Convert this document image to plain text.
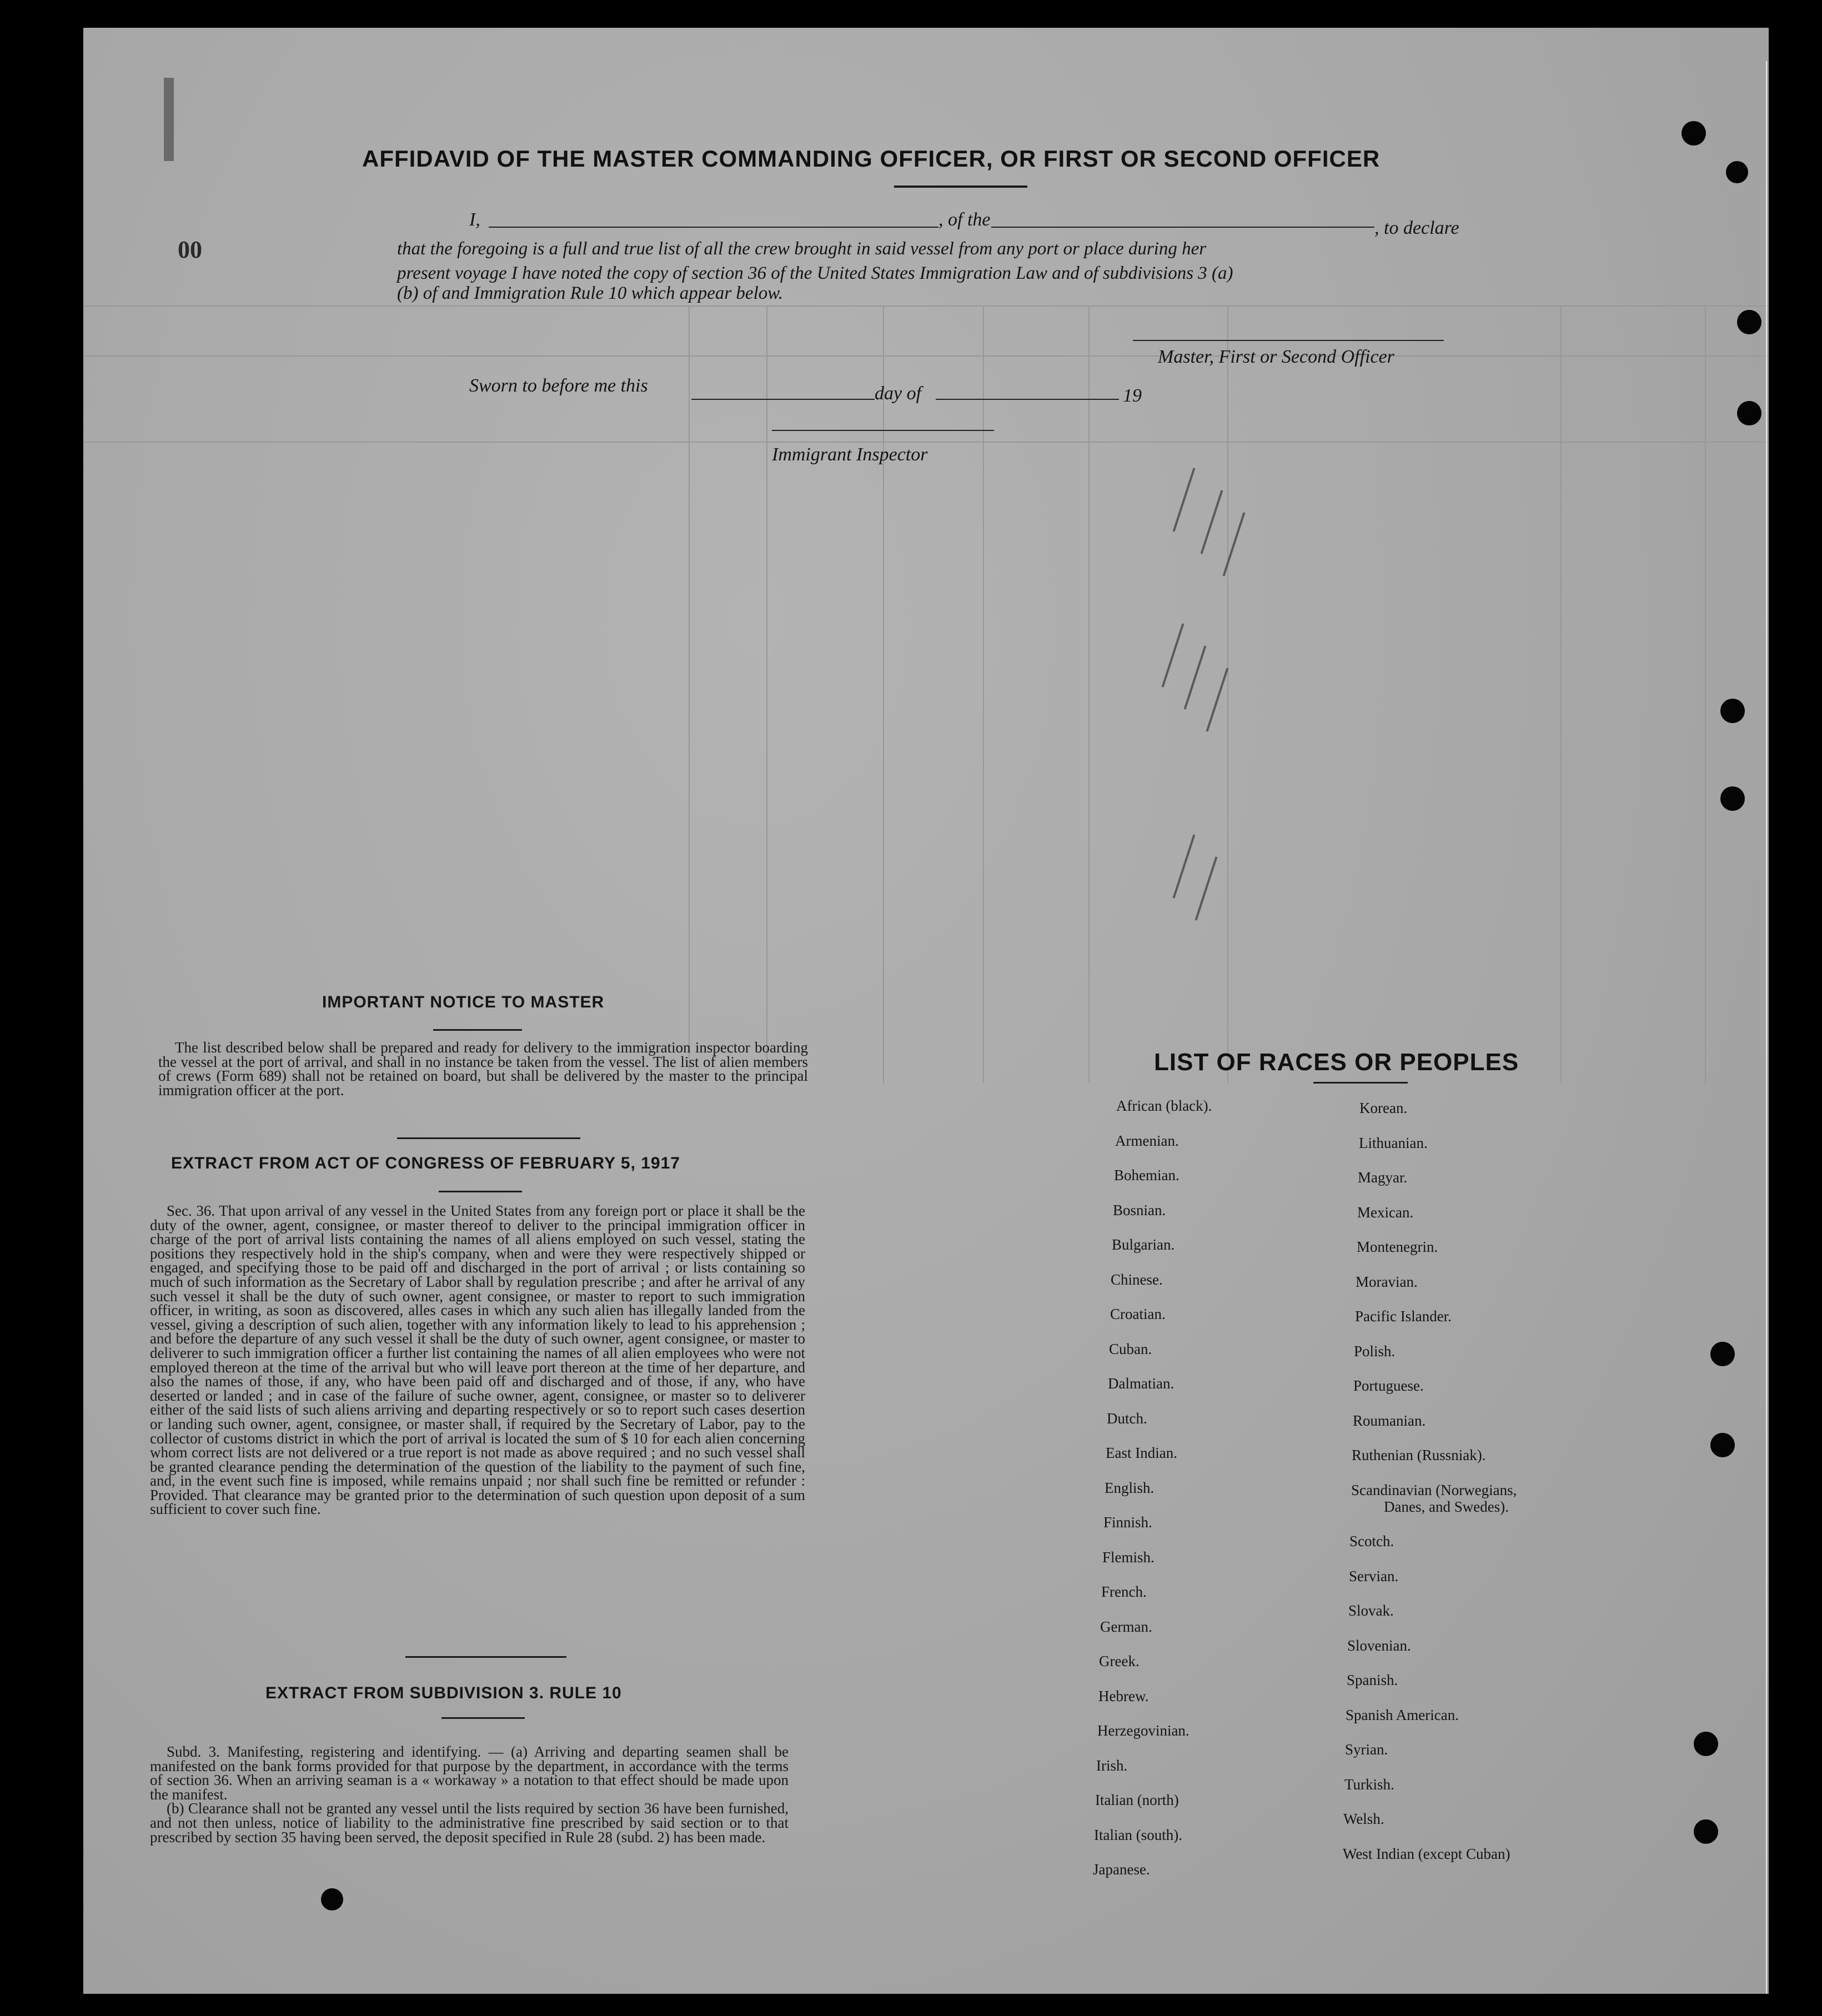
AFFIDAVID OF THE MASTER COMMANDING OFFICER, OR FIRST OR SECOND OFFICER
00
I,	, of the	, to declare
that the foregoing is a full and true list of all the crew brought in said vessel from any port or place during her
present voyage I have noted the copy of section 36 of the United States Immigration Law and of subdivisions 3 (a)
(b) of and Immigration Rule 10 which appear below.
Master, First or Second Officer
Sworn to before me this	day of	19
Immigrant Inspector
IMPORTANT NOTICE TO MASTER

The list described below shall be prepared and ready for delivery to the immigration inspector boarding the vessel at the port of arrival, and shall in no instance be taken from the vessel. The list of alien members of crews (Form 689) shall not be retained on board, but shall be delivered by the master to the principal immigration officer at the port.

EXTRACT FROM ACT OF CONGRESS OF FEBRUARY 5, 1917

Sec. 36. That upon arrival of any vessel in the United States from any foreign port or place it shall be the duty of the owner, agent, consignee, or master thereof to deliver to the principal immigration officer in charge of the port of arrival lists containing the names of all aliens employed on such vessel, stating the positions they respectively hold in the ship's company, when and were they were respectively shipped or engaged, and specifying those to be paid off and discharged in the port of arrival ; or lists containing so much of such information as the Secretary of Labor shall by regulation prescribe ; and after he arrival of any such vessel it shall be the duty of such owner, agent consignee, or master to report to such immigration officer, in writing, as soon as discovered, alles cases in which any such alien has illegally landed from the vessel, giving a description of such alien, together with any information likely to lead to his apprehension ; and before the departure of any such vessel it shall be the duty of such owner, agent consignee, or master to deliverer to such immigration officer a further list containing the names of all alien employees who were not employed thereon at the time of the arrival but who will leave port thereon at the time of her departure, and also the names of those, if any, who have been paid off and discharged and of those, if any, who have deserted or landed ; and in case of the failure of suche owner, agent, consignee, or master so to deliverer either of the said lists of such aliens arriving and departing respectively or so to report such cases desertion or landing such owner, agent, consignee, or master shall, if required by the Secretary of Labor, pay to the collector of customs district in which the port of arrival is located the sum of $ 10 for each alien concerning whom correct lists are not delivered or a true report is not made as above required ; and no such vessel shall be granted clearance pending the determination of the question of the liability to the payment of such fine, and, in the event such fine is imposed, while remains unpaid ; nor shall such fine be remitted or refunder : Provided. That clearance may be granted prior to the determination of such question upon deposit of a sum sufficient to cover such fine.

EXTRACT FROM SUBDIVISION 3. RULE 10

Subd. 3. Manifesting, registering and identifying. — (a) Arriving and departing seamen shall be manifested on the bank forms provided for that purpose by the department, in accordance with the terms of section 36. When an arriving seaman is a « workaway » a notation to that effect should be made upon the manifest.

(b) Clearance shall not be granted any vessel until the lists required by section 36 have been furnished, and not then unless, notice of liability to the administrative fine prescribed by said section or to that prescribed by section 35 having been served, the deposit specified in Rule 28 (subd. 2) has been made.

LIST OF RACES OR PEOPLES
African (black).
Armenian.
Bohemian.
Bosnian.
Bulgarian.
Chinese.
Croatian.
Cuban.
Dalmatian.
Dutch.
East Indian.
English.
Finnish.
Flemish.
French.
German.
Greek.
Hebrew.
Herzegovinian.
Irish.
Italian (north)
Italian (south).
Japanese.
Korean.
Lithuanian.
Magyar.
Mexican.
Montenegrin.
Moravian.
Pacific Islander.
Polish.
Portuguese.
Roumanian.
Ruthenian (Russniak).
Scandinavian (Norwegians,
Danes, and Swedes).
Scotch.
Servian.
Slovak.
Slovenian.
Spanish.
Spanish American.
Syrian.
Turkish.
Welsh.
West Indian (except Cuban)
